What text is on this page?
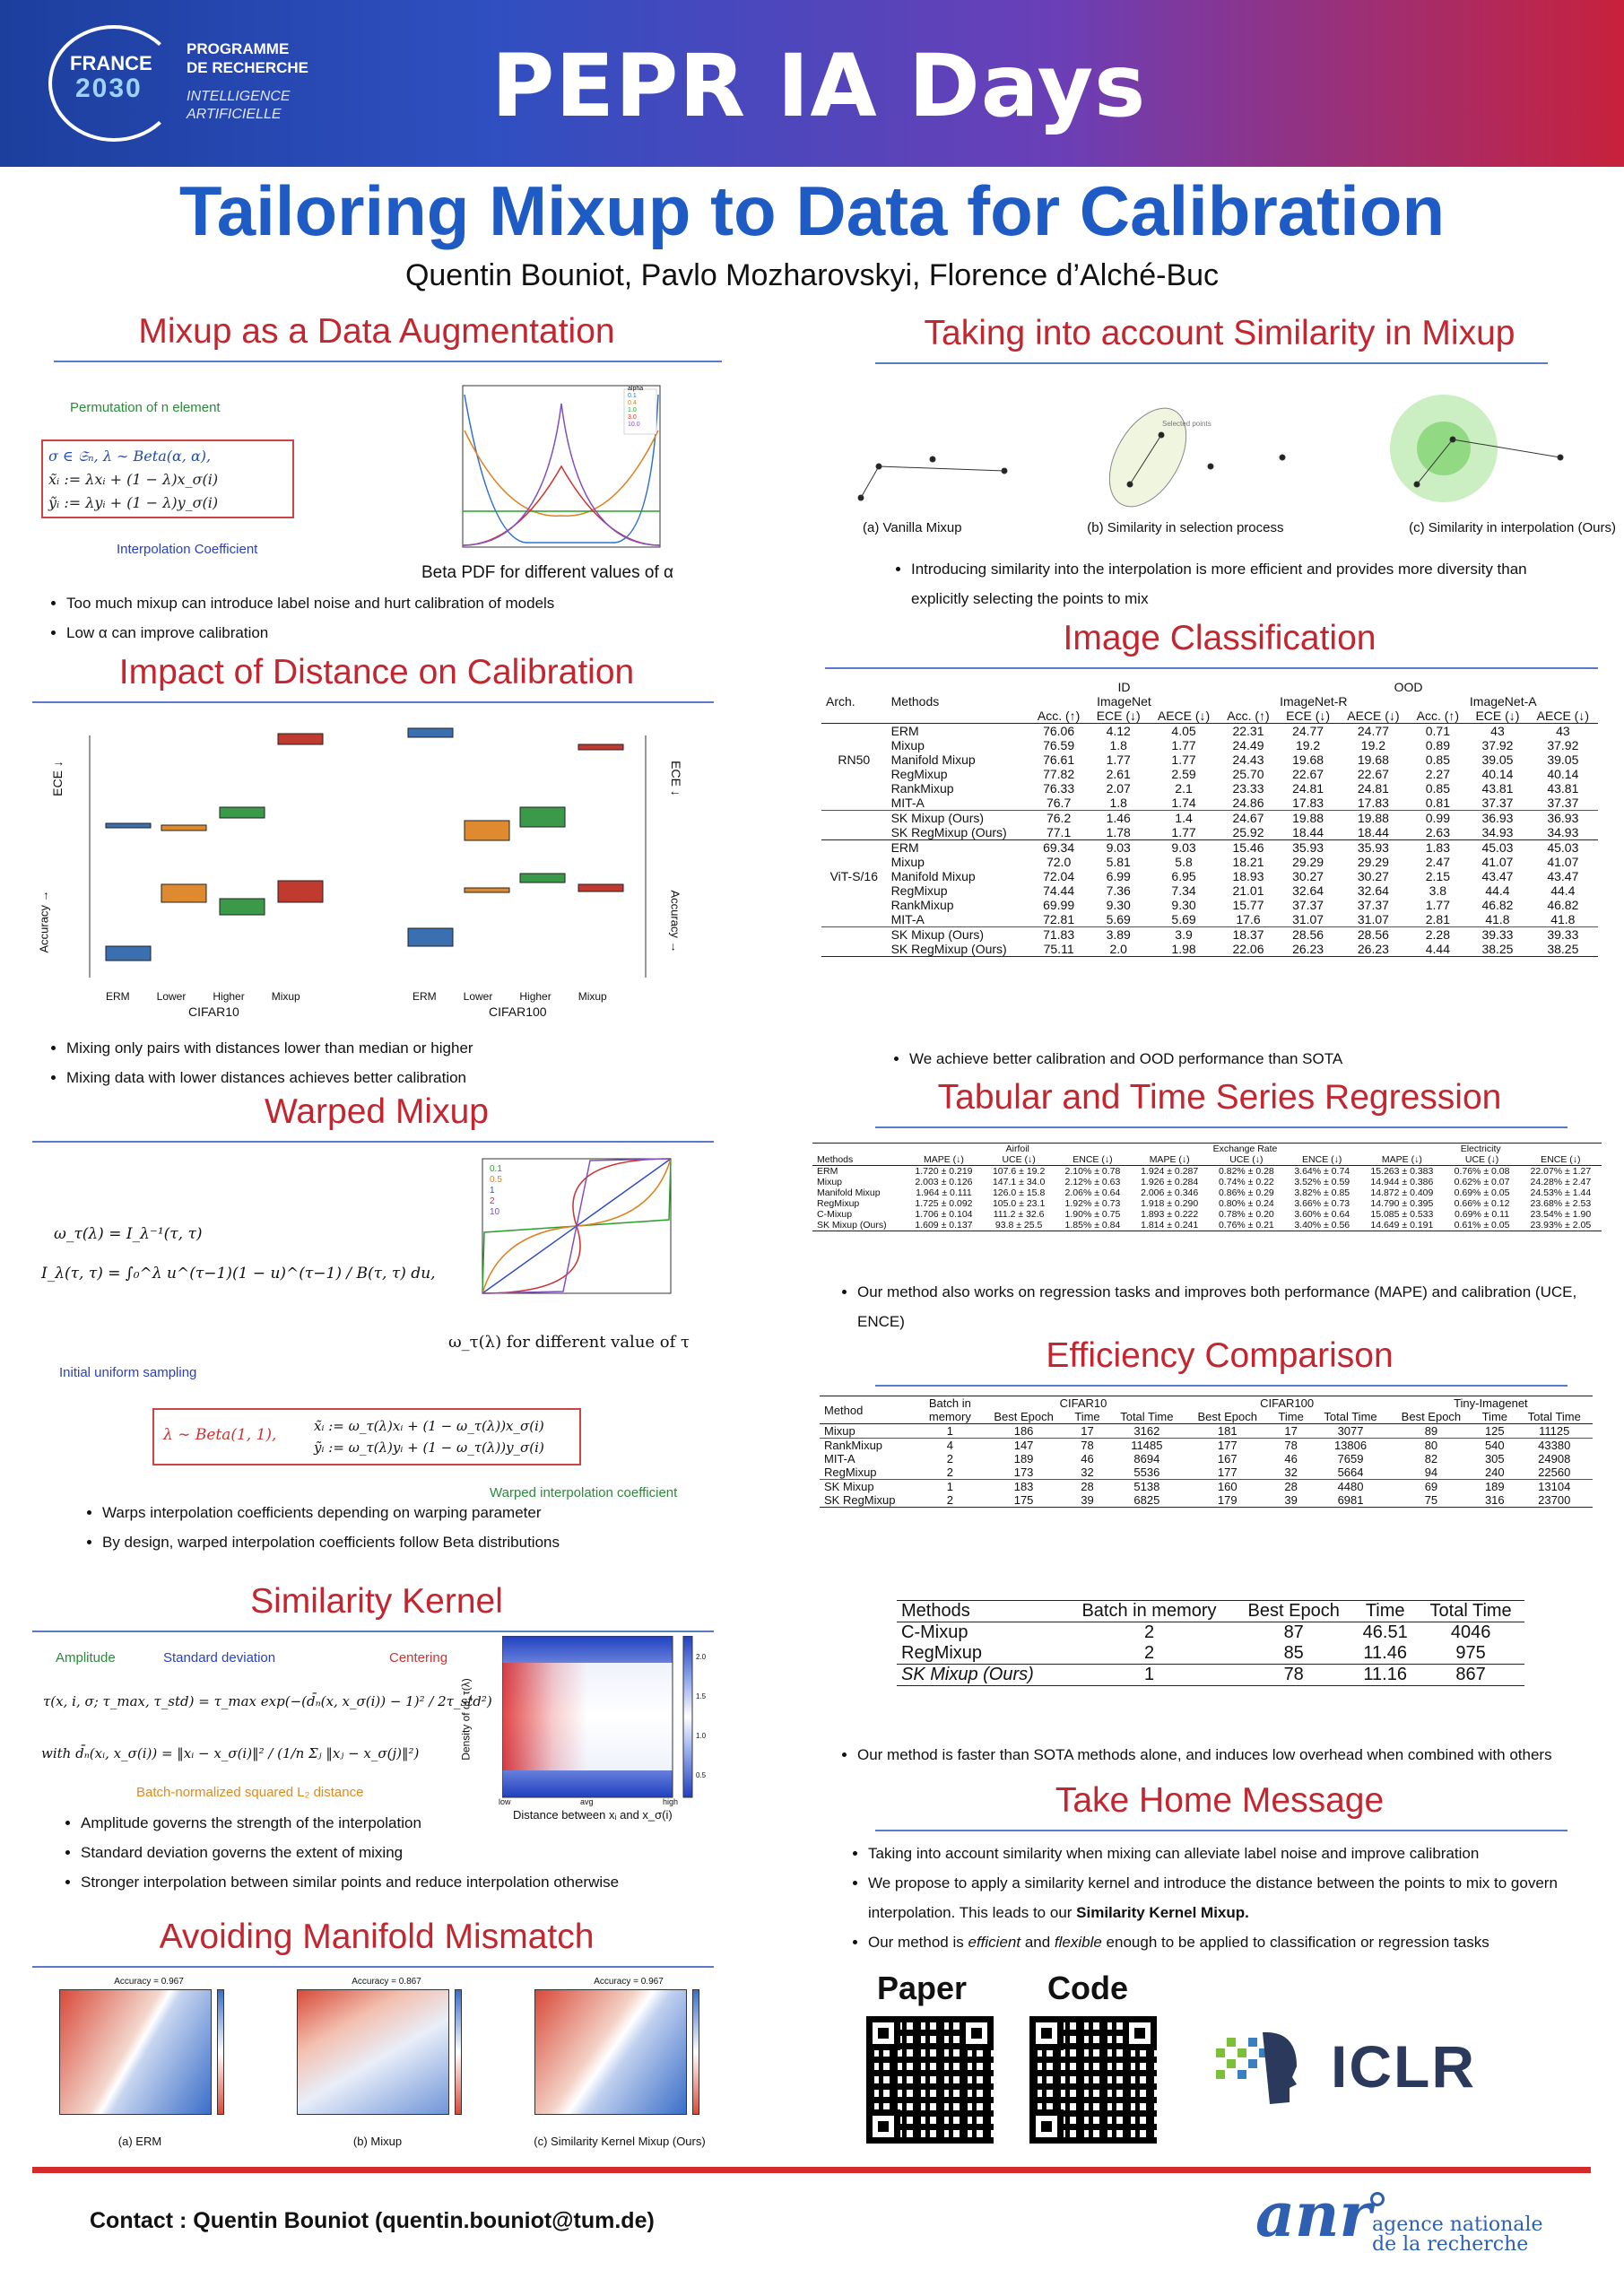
FRANCE
2030
PROGRAMME
DE RECHERCHE
INTELLIGENCE
ARTIFICIELLE PEPR IA Days
Tailoring Mixup to Data for Calibration
Quentin Bouniot, Pavlo Mozharovskyi, Florence d’Alché-Buc
Mixup as a Data Augmentation
Permutation of n element
σ ∈ 𝔖ₙ, λ ∼ Beta(α, α),
x̃ᵢ := λxᵢ + (1 − λ)x_σ(i)
ỹᵢ := λyᵢ + (1 − λ)y_σ(i)
Interpolation Coefficient
alpha
0.1
0.4
1.0
3.0
10.0
Beta PDF for different values of α
• Too much mixup can introduce label noise and hurt calibration of models
• Low α can improve calibration
Impact of Distance on Calibration
ECE ↓	ECE ↓
Accuracy →	Accuracy →
ERM	Lower	Higher	Mixup	ERM	Lower	Higher	Mixup
CIFAR10	CIFAR100
• Mixing only pairs with distances lower than median or higher
• Mixing data with lower distances achieves better calibration
Warped Mixup
ω_τ(λ) = I_λ⁻¹(τ, τ)
I_λ(τ, τ) = ∫₀^λ u^(τ−1)(1 − u)^(τ−1) / B(τ, τ) du,
0.1
0.5
1
2
10
ω_τ(λ) for different value of τ
Initial uniform sampling
λ ∼ Beta(1, 1),	x̃ᵢ := ω_τ(λ)xᵢ + (1 − ω_τ(λ))x_σ(i)
ỹᵢ := ω_τ(λ)yᵢ + (1 − ω_τ(λ))y_σ(i)
Warped interpolation coefficient
• Warps interpolation coefficients depending on warping parameter
• By design, warped interpolation coefficients follow Beta distributions
Similarity Kernel
Amplitude	Standard deviation	Centering
τ(x, i, σ; τ_max, τ_std) = τ_max exp(−(d̄ₙ(x, x_σ(i)) − 1)² / 2τ_std²)
with d̄ₙ(xᵢ, x_σ(i)) = ‖xᵢ − x_σ(i)‖² / (1/n Σⱼ ‖xⱼ − x_σ(j)‖²)
Batch-normalized squared L₂ distance
2.0
1.5
1.0
0.5
low	avg	high
Distance between xᵢ and x_σ(i)
Density of ω_τ(λ)
• Amplitude governs the strength of the interpolation
• Standard deviation governs the extent of mixing
• Stronger interpolation between similar points and reduce interpolation otherwise
Avoiding Manifold Mismatch
Accuracy = 0.967
(a) ERM
Accuracy = 0.867
(b) Mixup
Accuracy = 0.967
(c) Similarity Kernel Mixup (Ours)
Taking into account Similarity in Mixup
Selected points
(a) Vanilla Mixup	(b) Similarity in selection process	(c) Similarity in interpolation (Ours)
• Introducing similarity into the interpolation is more efficient and provides more diversity than explicitly selecting the points to mix
Image Classification
		ID			OOD					
Arch.	Methods	ImageNet			ImageNet-R			ImageNet-A		
		Acc. (↑)	ECE (↓)	AECE (↓)	Acc. (↑)	ECE (↓)	AECE (↓)	Acc. (↑)	ECE (↓)	AECE (↓)
	ERM	76.06	4.12	4.05	22.31	24.77	24.77	0.71	43	43
	Mixup	76.59	1.8	1.77	24.49	19.2	19.2	0.89	37.92	37.92
RN50	Manifold Mixup	76.61	1.77	1.77	24.43	19.68	19.68	0.85	39.05	39.05
	RegMixup	77.82	2.61	2.59	25.70	22.67	22.67	2.27	40.14	40.14
	RankMixup	76.33	2.07	2.1	23.33	24.81	24.81	0.85	43.81	43.81
	MIT-A	76.7	1.8	1.74	24.86	17.83	17.83	0.81	37.37	37.37
	SK Mixup (Ours)	76.2	1.46	1.4	24.67	19.88	19.88	0.99	36.93	36.93
	SK RegMixup (Ours)	77.1	1.78	1.77	25.92	18.44	18.44	2.63	34.93	34.93
	ERM	69.34	9.03	9.03	15.46	35.93	35.93	1.83	45.03	45.03
	Mixup	72.0	5.81	5.8	18.21	29.29	29.29	2.47	41.07	41.07
ViT-S/16	Manifold Mixup	72.04	6.99	6.95	18.93	30.27	30.27	2.15	43.47	43.47
	RegMixup	74.44	7.36	7.34	21.01	32.64	32.64	3.8	44.4	44.4
	RankMixup	69.99	9.30	9.30	15.77	37.37	37.37	1.77	46.82	46.82
	MIT-A	72.81	5.69	5.69	17.6	31.07	31.07	2.81	41.8	41.8
	SK Mixup (Ours)	71.83	3.89	3.9	18.37	28.56	28.56	2.28	39.33	39.33
	SK RegMixup (Ours)	75.11	2.0	1.98	22.06	26.23	26.23	4.44	38.25	38.25
• We achieve better calibration and OOD performance than SOTA
Tabular and Time Series Regression
	Airfoil			Exchange Rate			Electricity		
Methods	MAPE (↓)	UCE (↓)	ENCE (↓)	MAPE (↓)	UCE (↓)	ENCE (↓)	MAPE (↓)	UCE (↓)	ENCE (↓)
ERM	1.720 ± 0.219	107.6 ± 19.2	2.10% ± 0.78	1.924 ± 0.287	0.82% ± 0.28	3.64% ± 0.74	15.263 ± 0.383	0.76% ± 0.08	22.07% ± 1.27
Mixup	2.003 ± 0.126	147.1 ± 34.0	2.12% ± 0.63	1.926 ± 0.284	0.74% ± 0.22	3.52% ± 0.59	14.944 ± 0.386	0.62% ± 0.07	24.28% ± 2.47
Manifold Mixup	1.964 ± 0.111	126.0 ± 15.8	2.06% ± 0.64	2.006 ± 0.346	0.86% ± 0.29	3.82% ± 0.85	14.872 ± 0.409	0.69% ± 0.05	24.53% ± 1.44
RegMixup	1.725 ± 0.092	105.0 ± 23.1	1.92% ± 0.73	1.918 ± 0.290	0.80% ± 0.24	3.66% ± 0.73	14.790 ± 0.395	0.66% ± 0.12	23.68% ± 2.53
C-Mixup	1.706 ± 0.104	111.2 ± 32.6	1.90% ± 0.75	1.893 ± 0.222	0.78% ± 0.20	3.60% ± 0.64	15.085 ± 0.533	0.69% ± 0.11	23.54% ± 1.90
SK Mixup (Ours)	1.609 ± 0.137	93.8 ± 25.5	1.85% ± 0.84	1.814 ± 0.241	0.76% ± 0.21	3.40% ± 0.56	14.649 ± 0.191	0.61% ± 0.05	23.93% ± 2.05
• Our method also works on regression tasks and improves both performance (MAPE) and calibration (UCE, ENCE)
Efficiency Comparison
Method	Batch in memory	CIFAR10			CIFAR100			Tiny-Imagenet		
		Best Epoch	Time	Total Time	Best Epoch	Time	Total Time	Best Epoch	Time	Total Time
Mixup	1	186	17	3162	181	17	3077	89	125	11125
RankMixup	4	147	78	11485	177	78	13806	80	540	43380
MIT-A	2	189	46	8694	167	46	7659	82	305	24908
RegMixup	2	173	32	5536	177	32	5664	94	240	22560
SK Mixup	1	183	28	5138	160	28	4480	69	189	13104
SK RegMixup	2	175	39	6825	179	39	6981	75	316	23700
Methods	Batch in memory	Best Epoch	Time	Total Time
C-Mixup	2	87	46.51	4046
RegMixup	2	85	11.46	975
SK Mixup (Ours)	1	78	11.16	867
• Our method is faster than SOTA methods alone, and induces low overhead when combined with others
Take Home Message
• Taking into account similarity when mixing can alleviate label noise and improve calibration
• We propose to apply a similarity kernel and introduce the distance between the points to mix to govern interpolation. This leads to our Similarity Kernel Mixup.
• Our method is efficient and flexible enough to be applied to classification or regression tasks
Paper Code
ICLR
Contact : Quentin Bouniot (quentin.bouniot@tum.de)	anr agence nationale
de la recherche
